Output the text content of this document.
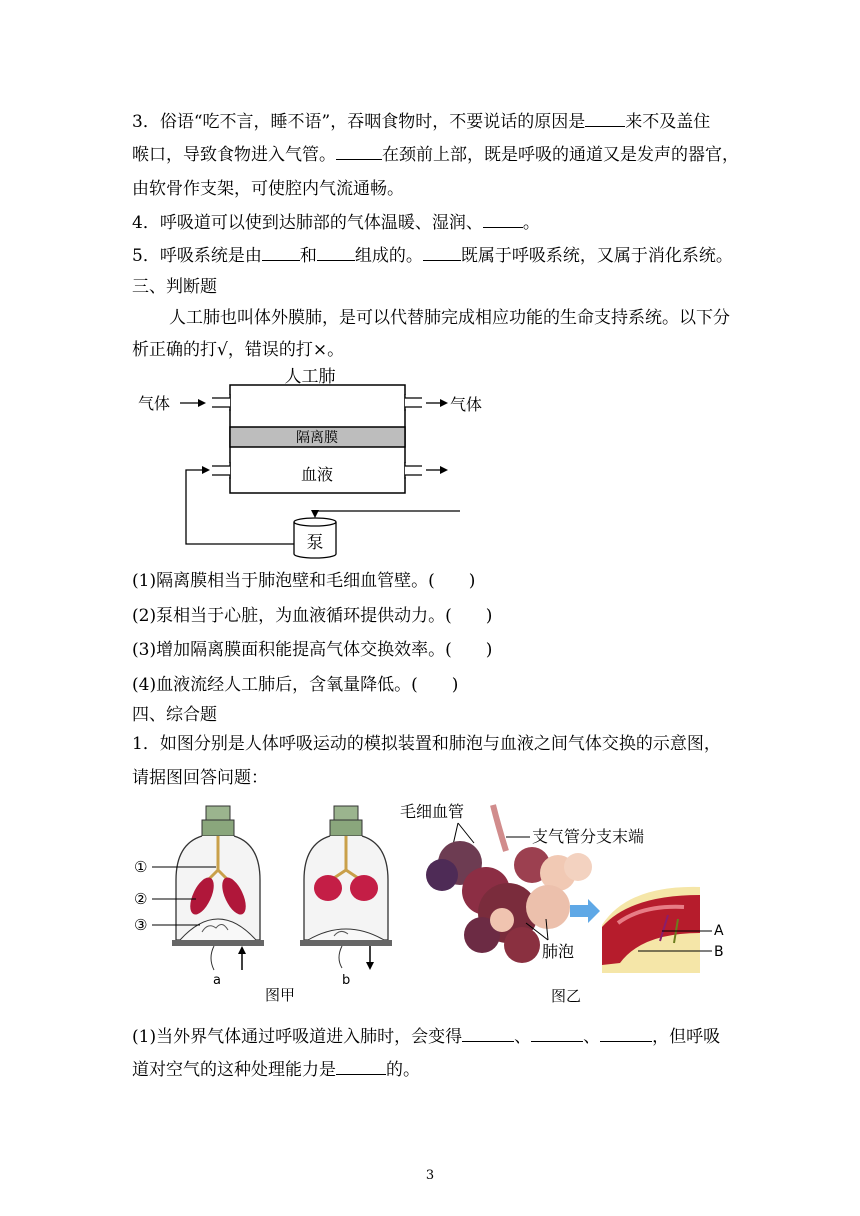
3．俗语“吃不言，睡不语”，吞咽食物时，不要说话的原因是 来不及盖住
喉口，导致食物进入气管。	在颈前上部，既是呼吸的通道又是发声的器官，
由软骨作支架，可使腔内气流通畅。
4．呼吸道可以使到达肺部的气体温暖、湿润、 。
5．呼吸系统是由 和 组成的。 既属于呼吸系统，又属于消化系统。
三、判断题
人工肺也叫体外膜肺，是可以代替肺完成相应功能的生命支持系统。以下分
析正确的打√，错误的打×。
人工肺
隔离膜
血液
气体	气体
泵
(1)隔离膜相当于肺泡壁和毛细血管壁。(　　)
(2)泵相当于心脏，为血液循环提供动力。(　　)
(3)增加隔离膜面积能提高气体交换效率。(　　)
(4)血液流经人工肺后，含氧量降低。(　　)
四、综合题
1．如图分别是人体呼吸运动的模拟装置和肺泡与血液之间气体交换的示意图，
请据图回答问题：
①
②
③
a	b
图甲
毛细血管
支气管分支末端
肺泡
A
B
图乙
(1)当外界气体通过呼吸道进入肺时，会变得	、	、	，但呼吸
道对空气的这种处理能力是	的。
3
